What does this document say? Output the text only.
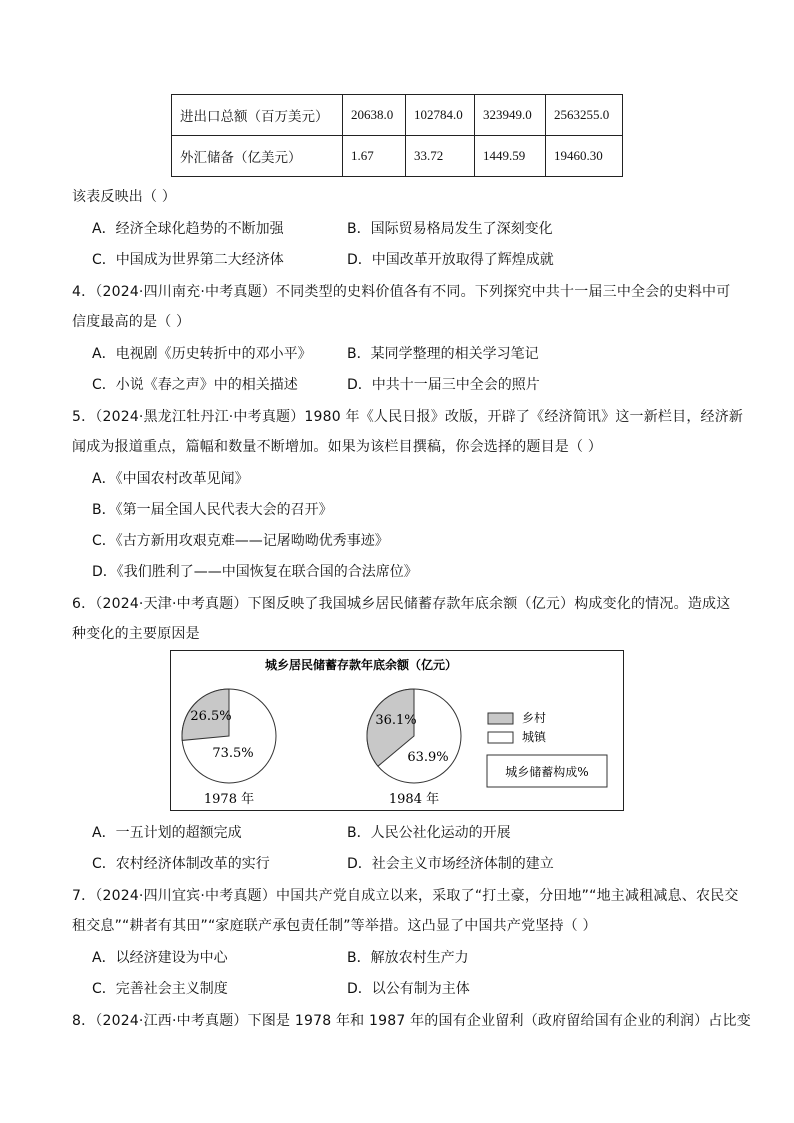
进出口总额（百万美元）	20638.0	102784.0	323949.0	2563255.0
外汇储备（亿美元）	1.67	33.72	1449.59	19460.30
该表反映出（ ）
A．经济全球化趋势的不断加强	B．国际贸易格局发生了深刻变化
C．中国成为世界第二大经济体	D．中国改革开放取得了辉煌成就
4．（2024·四川南充·中考真题）不同类型的史料价值各有不同。下列探究中共十一届三中全会的史料中可
信度最高的是（ ）
A．电视剧《历史转折中的邓小平》	B．某同学整理的相关学习笔记
C．小说《春之声》中的相关描述	D．中共十一届三中全会的照片
5．（2024·黑龙江牡丹江·中考真题）1980 年《人民日报》改版，开辟了《经济简讯》这一新栏目，经济新
闻成为报道重点，篇幅和数量不断增加。如果为该栏目撰稿，你会选择的题目是（ ）
A．《中国农村改革见闻》
B．《第一届全国人民代表大会的召开》
C．《古方新用攻艰克难——记屠呦呦优秀事迹》
D．《我们胜利了——中国恢复在联合国的合法席位》
6．（2024·天津·中考真题）下图反映了我国城乡居民储蓄存款年底余额（亿元）构成变化的情况。造成这
种变化的主要原因是
城乡居民储蓄存款年底余额（亿元）
26.5%
73.5%
36.1%
63.9%
1978 年	1984 年
乡村
城镇
城乡储蓄构成%
A．一五计划的超额完成	B．人民公社化运动的开展
C．农村经济体制改革的实行	D．社会主义市场经济体制的建立
7．（2024·四川宜宾·中考真题）中国共产党自成立以来，采取了“打土豪，分田地”“地主减租减息、农民交
租交息”“耕者有其田”“家庭联产承包责任制”等举措。这凸显了中国共产党坚持（ ）
A．以经济建设为中心	B．解放农村生产力
C．完善社会主义制度	D．以公有制为主体
8．（2024·江西·中考真题）下图是 1978 年和 1987 年的国有企业留利（政府留给国有企业的利润）占比变
